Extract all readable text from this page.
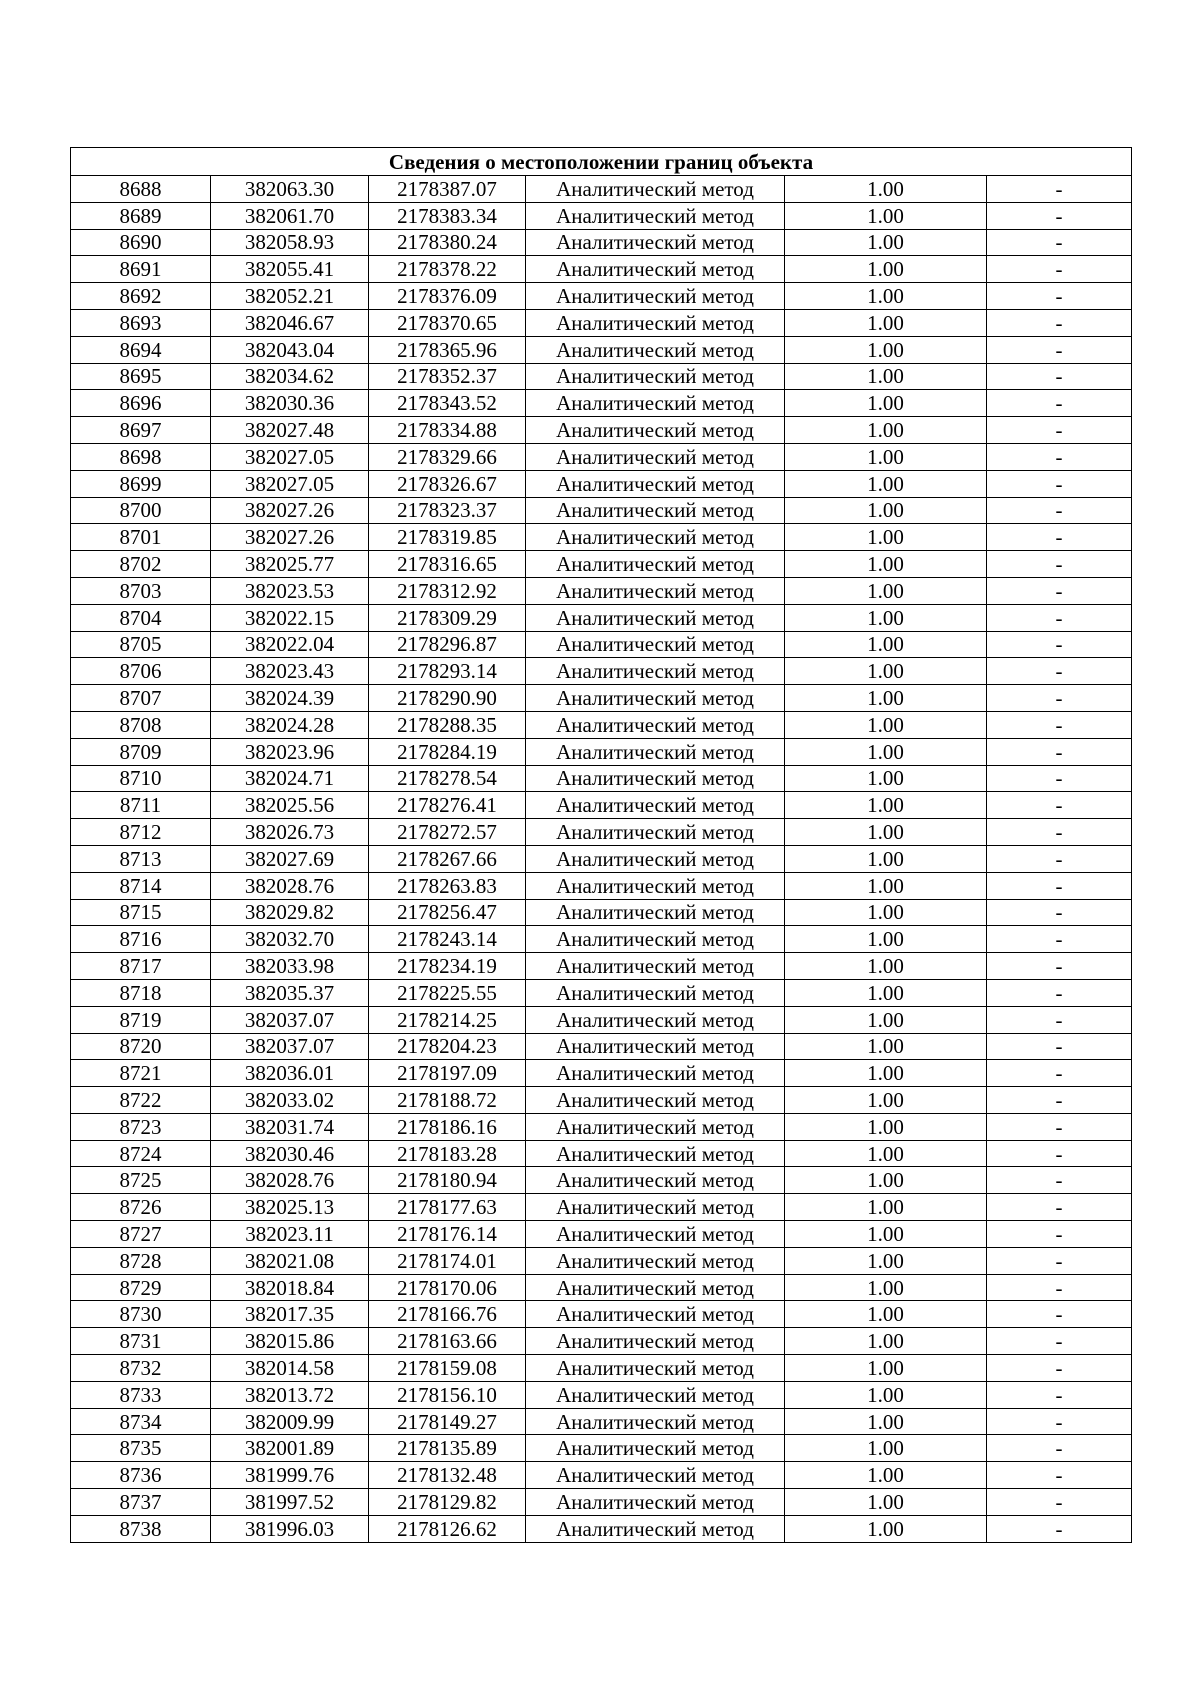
Сведения о местоположении границ объекта					
8688	382063.30	2178387.07	Аналитический метод	1.00	-
8689	382061.70	2178383.34	Аналитический метод	1.00	-
8690	382058.93	2178380.24	Аналитический метод	1.00	-
8691	382055.41	2178378.22	Аналитический метод	1.00	-
8692	382052.21	2178376.09	Аналитический метод	1.00	-
8693	382046.67	2178370.65	Аналитический метод	1.00	-
8694	382043.04	2178365.96	Аналитический метод	1.00	-
8695	382034.62	2178352.37	Аналитический метод	1.00	-
8696	382030.36	2178343.52	Аналитический метод	1.00	-
8697	382027.48	2178334.88	Аналитический метод	1.00	-
8698	382027.05	2178329.66	Аналитический метод	1.00	-
8699	382027.05	2178326.67	Аналитический метод	1.00	-
8700	382027.26	2178323.37	Аналитический метод	1.00	-
8701	382027.26	2178319.85	Аналитический метод	1.00	-
8702	382025.77	2178316.65	Аналитический метод	1.00	-
8703	382023.53	2178312.92	Аналитический метод	1.00	-
8704	382022.15	2178309.29	Аналитический метод	1.00	-
8705	382022.04	2178296.87	Аналитический метод	1.00	-
8706	382023.43	2178293.14	Аналитический метод	1.00	-
8707	382024.39	2178290.90	Аналитический метод	1.00	-
8708	382024.28	2178288.35	Аналитический метод	1.00	-
8709	382023.96	2178284.19	Аналитический метод	1.00	-
8710	382024.71	2178278.54	Аналитический метод	1.00	-
8711	382025.56	2178276.41	Аналитический метод	1.00	-
8712	382026.73	2178272.57	Аналитический метод	1.00	-
8713	382027.69	2178267.66	Аналитический метод	1.00	-
8714	382028.76	2178263.83	Аналитический метод	1.00	-
8715	382029.82	2178256.47	Аналитический метод	1.00	-
8716	382032.70	2178243.14	Аналитический метод	1.00	-
8717	382033.98	2178234.19	Аналитический метод	1.00	-
8718	382035.37	2178225.55	Аналитический метод	1.00	-
8719	382037.07	2178214.25	Аналитический метод	1.00	-
8720	382037.07	2178204.23	Аналитический метод	1.00	-
8721	382036.01	2178197.09	Аналитический метод	1.00	-
8722	382033.02	2178188.72	Аналитический метод	1.00	-
8723	382031.74	2178186.16	Аналитический метод	1.00	-
8724	382030.46	2178183.28	Аналитический метод	1.00	-
8725	382028.76	2178180.94	Аналитический метод	1.00	-
8726	382025.13	2178177.63	Аналитический метод	1.00	-
8727	382023.11	2178176.14	Аналитический метод	1.00	-
8728	382021.08	2178174.01	Аналитический метод	1.00	-
8729	382018.84	2178170.06	Аналитический метод	1.00	-
8730	382017.35	2178166.76	Аналитический метод	1.00	-
8731	382015.86	2178163.66	Аналитический метод	1.00	-
8732	382014.58	2178159.08	Аналитический метод	1.00	-
8733	382013.72	2178156.10	Аналитический метод	1.00	-
8734	382009.99	2178149.27	Аналитический метод	1.00	-
8735	382001.89	2178135.89	Аналитический метод	1.00	-
8736	381999.76	2178132.48	Аналитический метод	1.00	-
8737	381997.52	2178129.82	Аналитический метод	1.00	-
8738	381996.03	2178126.62	Аналитический метод	1.00	-
